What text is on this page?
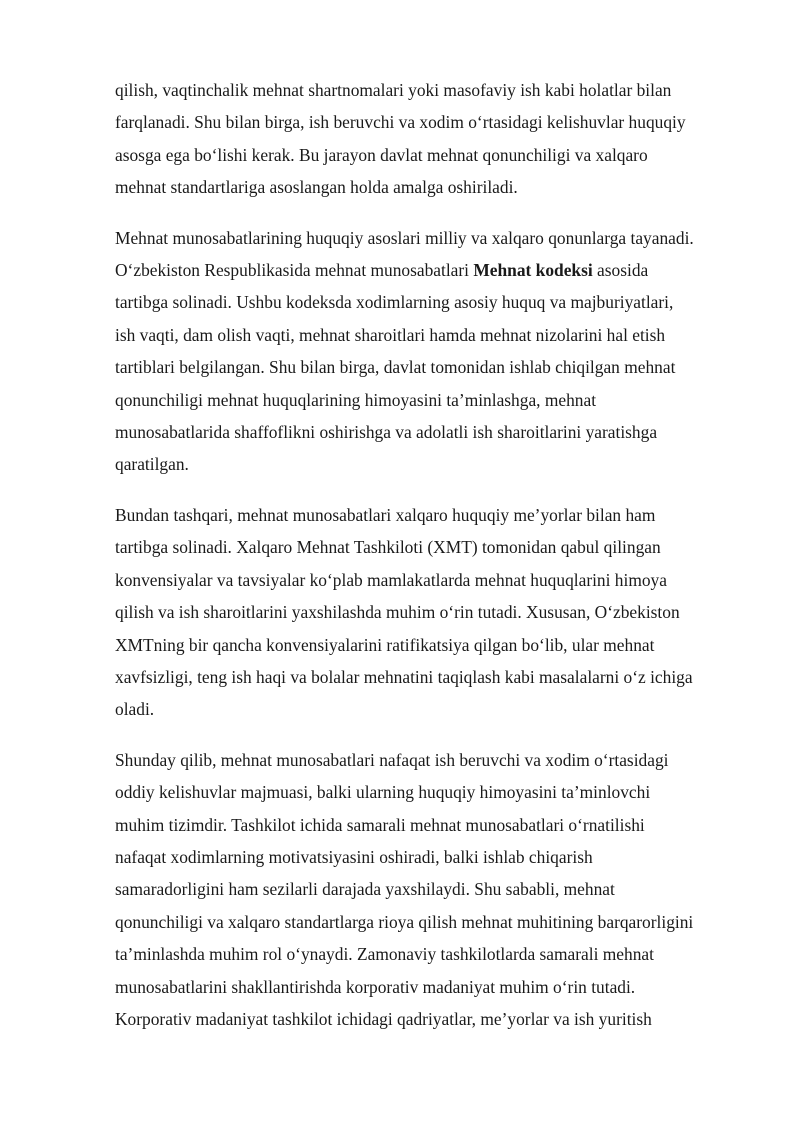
qilish, vaqtinchalik mehnat shartnomalari yoki masofaviy ish kabi holatlar bilan
farqlanadi. Shu bilan birga, ish beruvchi va xodim o‘rtasidagi kelishuvlar huquqiy
asosga ega bo‘lishi kerak. Bu jarayon davlat mehnat qonunchiligi va xalqaro
mehnat standartlariga asoslangan holda amalga oshiriladi.

Mehnat munosabatlarining huquqiy asoslari milliy va xalqaro qonunlarga tayanadi.
O‘zbekiston Respublikasida mehnat munosabatlari Mehnat kodeksi asosida
tartibga solinadi. Ushbu kodeksda xodimlarning asosiy huquq va majburiyatlari,
ish vaqti, dam olish vaqti, mehnat sharoitlari hamda mehnat nizolarini hal etish
tartiblari belgilangan. Shu bilan birga, davlat tomonidan ishlab chiqilgan mehnat
qonunchiligi mehnat huquqlarining himoyasini ta’minlashga, mehnat
munosabatlarida shaffoflikni oshirishga va adolatli ish sharoitlarini yaratishga
qaratilgan.

Bundan tashqari, mehnat munosabatlari xalqaro huquqiy me’yorlar bilan ham
tartibga solinadi. Xalqaro Mehnat Tashkiloti (XMT) tomonidan qabul qilingan
konvensiyalar va tavsiyalar ko‘plab mamlakatlarda mehnat huquqlarini himoya
qilish va ish sharoitlarini yaxshilashda muhim o‘rin tutadi. Xususan, O‘zbekiston
XMTning bir qancha konvensiyalarini ratifikatsiya qilgan bo‘lib, ular mehnat
xavfsizligi, teng ish haqi va bolalar mehnatini taqiqlash kabi masalalarni o‘z ichiga
oladi.

Shunday qilib, mehnat munosabatlari nafaqat ish beruvchi va xodim o‘rtasidagi
oddiy kelishuvlar majmuasi, balki ularning huquqiy himoyasini ta’minlovchi
muhim tizimdir. Tashkilot ichida samarali mehnat munosabatlari o‘rnatilishi
nafaqat xodimlarning motivatsiyasini oshiradi, balki ishlab chiqarish
samaradorligini ham sezilarli darajada yaxshilaydi. Shu sababli, mehnat
qonunchiligi va xalqaro standartlarga rioya qilish mehnat muhitining barqarorligini
ta’minlashda muhim rol o‘ynaydi. Zamonaviy tashkilotlarda samarali mehnat
munosabatlarini shakllantirishda korporativ madaniyat muhim o‘rin tutadi.
Korporativ madaniyat tashkilot ichidagi qadriyatlar, me’yorlar va ish yuritish
